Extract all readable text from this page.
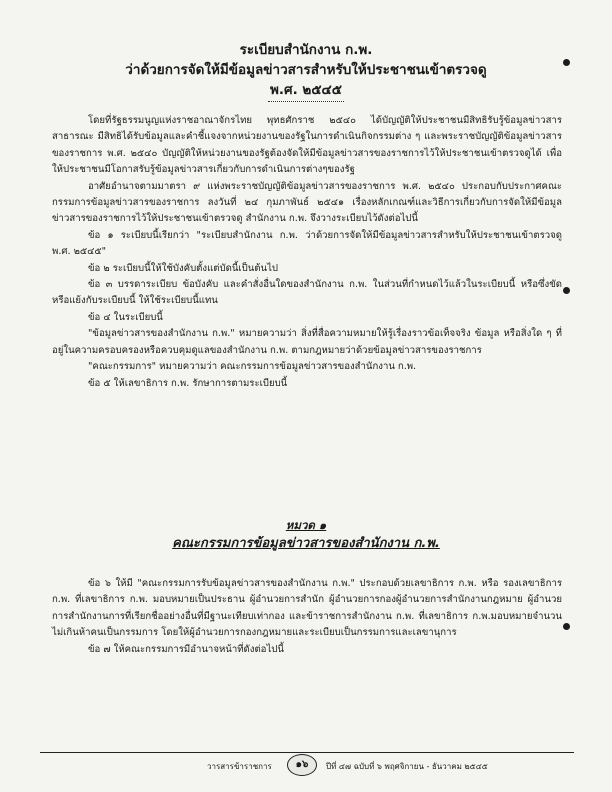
ระเบียบสำนักงาน ก.พ.
ว่าด้วยการจัดให้มีข้อมูลข่าวสารสำหรับให้ประชาชนเข้าตรวจดู
พ.ศ. ๒๕๔๕

โดยที่รัฐธรรมนูญแห่งราชอาณาจักรไทย พุทธศักราช ๒๕๔๐ ได้บัญญัติให้ประชาชนมีสิทธิรับรู้ข้อมูลข่าวสารสาธารณะ มีสิทธิได้รับข้อมูลและคำชี้แจงจากหน่วยงานของรัฐในการดำเนินกิจกรรมต่าง ๆ และพระราชบัญญัติข้อมูลข่าวสารของราชการ พ.ศ. ๒๕๔๐ บัญญัติให้หน่วยงานของรัฐต้องจัดให้มีข้อมูลข่าวสารของราชการไว้ให้ประชาชนเข้าตรวจดูได้ เพื่อให้ประชาชนมีโอกาสรับรู้ข้อมูลข่าวสารเกี่ยวกับการดำเนินการต่างๆของรัฐ

อาศัยอำนาจตามมาตรา ๙ แห่งพระราชบัญญัติข้อมูลข่าวสารของราชการ พ.ศ. ๒๕๔๐ ประกอบกับประกาศคณะกรรมการข้อมูลข่าวสารของราชการ ลงวันที่ ๒๔ กุมภาพันธ์ ๒๕๔๑ เรื่องหลักเกณฑ์และวิธีการเกี่ยวกับการจัดให้มีข้อมูลข่าวสารของราชการไว้ให้ประชาชนเข้าตรวจดู สำนักงาน ก.พ. จึงวางระเบียบไว้ดังต่อไปนี้

ข้อ ๑ ระเบียบนี้เรียกว่า "ระเบียบสำนักงาน ก.พ. ว่าด้วยการจัดให้มีข้อมูลข่าวสารสำหรับให้ประชาชนเข้าตรวจดู พ.ศ. ๒๕๔๕"

ข้อ ๒ ระเบียบนี้ให้ใช้บังคับตั้งแต่บัดนี้เป็นต้นไป

ข้อ ๓ บรรดาระเบียบ ข้อบังคับ และคำสั่งอื่นใดของสำนักงาน ก.พ. ในส่วนที่กำหนดไว้แล้วในระเบียบนี้ หรือซึ่งขัดหรือแย้งกับระเบียบนี้ ให้ใช้ระเบียบนี้แทน

ข้อ ๔ ในระเบียบนี้

"ข้อมูลข่าวสารของสำนักงาน ก.พ." หมายความว่า สิ่งที่สื่อความหมายให้รู้เรื่องราวข้อเท็จจริง ข้อมูล หรือสิ่งใด ๆ ที่อยู่ในความครอบครองหรือควบคุมดูแลของสำนักงาน ก.พ. ตามกฎหมายว่าด้วยข้อมูลข่าวสารของราชการ

"คณะกรรมการ" หมายความว่า คณะกรรมการข้อมูลข่าวสารของสำนักงาน ก.พ.

ข้อ ๕ ให้เลขาธิการ ก.พ. รักษาการตามระเบียบนี้

หมวด ๑
คณะกรรมการข้อมูลข่าวสารของสำนักงาน ก.พ.

ข้อ ๖ ให้มี "คณะกรรมการรับข้อมูลข่าวสารของสำนักงาน ก.พ." ประกอบด้วยเลขาธิการ ก.พ. หรือ รองเลขาธิการ ก.พ. ที่เลขาธิการ ก.พ. มอบหมายเป็นประธาน ผู้อำนวยการสำนัก ผู้อำนวยการกองผู้อำนวยการสำนักงานกฎหมาย ผู้อำนวยการสำนักงานการที่เรียกชื่ออย่างอื่นที่มีฐานะเทียบเท่ากอง และข้าราชการสำนักงาน ก.พ. ที่เลขาธิการ ก.พ.มอบหมายจำนวนไม่เกินห้าคนเป็นกรรมการ โดยให้ผู้อำนวยการกองกฎหมายและระเบียบเป็นกรรมการและเลขานุการ

ข้อ ๗ ให้คณะกรรมการมีอำนาจหน้าที่ดังต่อไปนี้

วารสารข้าราชการ	๑๖	ปีที่ ๔๗ ฉบับที่ ๖ พฤศจิกายน - ธันวาคม ๒๕๔๕
